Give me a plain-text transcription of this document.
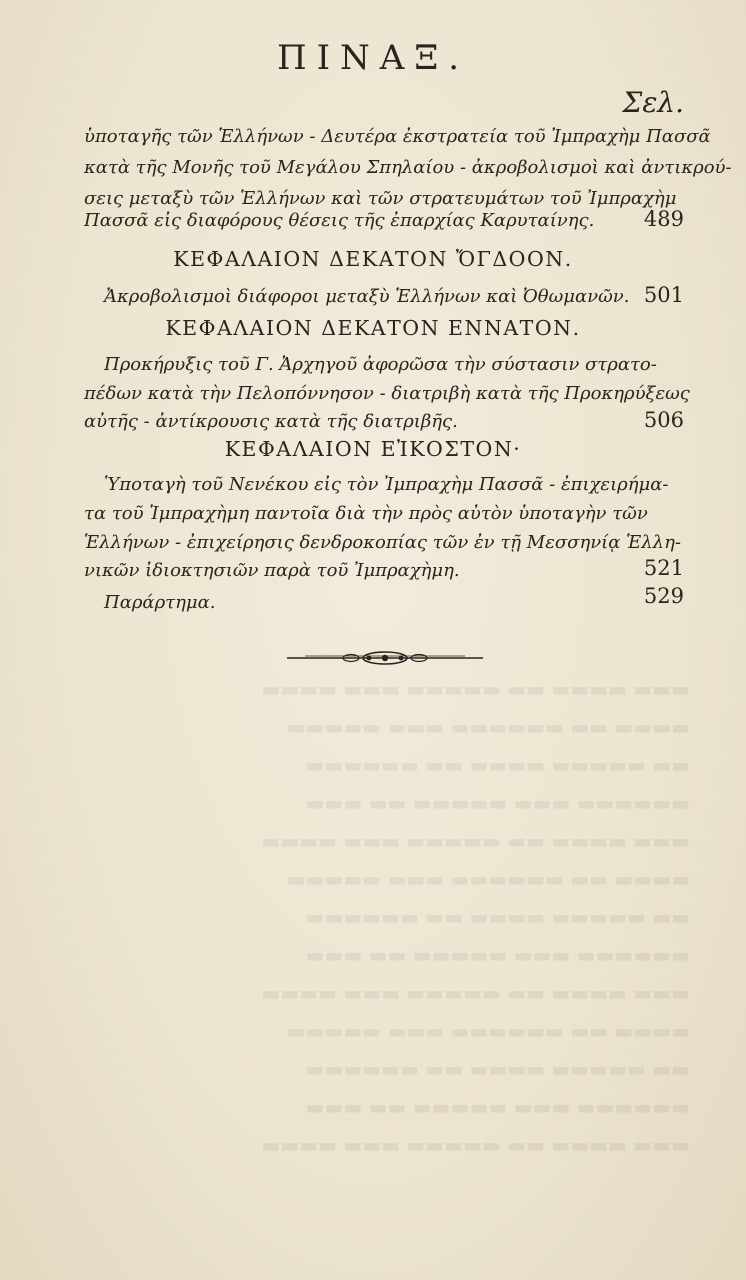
▬▬▬ ▬▬▬▬ ▬▬ ▬▬▬▬▬ ▬▬▬ ▬▬▬▬
▬▬▬▬ ▬▬ ▬▬▬▬▬▬ ▬▬▬ ▬▬▬▬▬
▬▬ ▬▬▬▬▬ ▬▬▬▬ ▬▬ ▬▬▬▬▬▬
▬▬▬▬▬▬ ▬▬▬ ▬▬▬▬▬ ▬▬ ▬▬▬
▬▬▬ ▬▬▬▬ ▬▬ ▬▬▬▬▬ ▬▬▬ ▬▬▬▬
▬▬▬▬ ▬▬ ▬▬▬▬▬▬ ▬▬▬ ▬▬▬▬▬
▬▬ ▬▬▬▬▬ ▬▬▬▬ ▬▬ ▬▬▬▬▬▬
▬▬▬▬▬▬ ▬▬▬ ▬▬▬▬▬ ▬▬ ▬▬▬
▬▬▬ ▬▬▬▬ ▬▬ ▬▬▬▬▬ ▬▬▬ ▬▬▬▬
▬▬▬▬ ▬▬ ▬▬▬▬▬▬ ▬▬▬ ▬▬▬▬▬
▬▬ ▬▬▬▬▬ ▬▬▬▬ ▬▬ ▬▬▬▬▬▬
▬▬▬▬▬▬ ▬▬▬ ▬▬▬▬▬ ▬▬ ▬▬▬
▬▬▬ ▬▬▬▬ ▬▬ ▬▬▬▬▬ ▬▬▬ ▬▬▬▬
ΠΙΝΑΞ.
Σελ.
ὑποταγῆς τῶν Ἑλλήνων - Δευτέρα ἐκστρατεία τοῦ Ἰμπραχὴμ Πασσᾶ
κατὰ τῆς Μονῆς τοῦ Μεγάλου Σπηλαίου - ἀκροβολισμοὶ καὶ ἀντικρού-
σεις μεταξὺ τῶν Ἑλλήνων καὶ τῶν στρατευμάτων τοῦ Ἰμπραχὴμ
Πασσᾶ εἰς διαφόρους θέσεις τῆς ἐπαρχίας Καρυταίνης. 489
ΚΕΦΑΛΑΙΟΝ ΔΕΚΑΤΟΝ ὌΓΔΟΟΝ.
Ἀκροβολισμοὶ διάφοροι μεταξὺ Ἑλλήνων καὶ Ὀθωμανῶν. 501
ΚΕΦΑΛΑΙΟΝ ΔΕΚΑΤΟΝ ΕΝΝΑΤΟΝ.
Προκήρυξις τοῦ Γ. Ἀρχηγοῦ ἀφορῶσα τὴν σύστασιν στρατο-
πέδων κατὰ τὴν Πελοπόννησον - διατριβὴ κατὰ τῆς Προκηρύξεως
αὐτῆς - ἀντίκρουσις κατὰ τῆς διατριβῆς.	506
ΚΕΦΑΛΑΙΟΝ ΕἸΚΟΣΤΟΝ·
Ὑποταγὴ τοῦ Νενέκου εἰς τὸν Ἰμπραχὴμ Πασσᾶ - ἐπιχειρήμα-
τα τοῦ Ἰμπραχὴμη παντοῖα διὰ τὴν πρὸς αὐτὸν ὑποταγὴν τῶν
Ἑλλήνων - ἐπιχείρησις δενδροκοπίας τῶν ἐν τῇ Μεσσηνίᾳ Ἑλλη-
νικῶν ἰδιοκτησιῶν παρὰ τοῦ Ἰμπραχὴμη.	521
Παράρτημα.	529
